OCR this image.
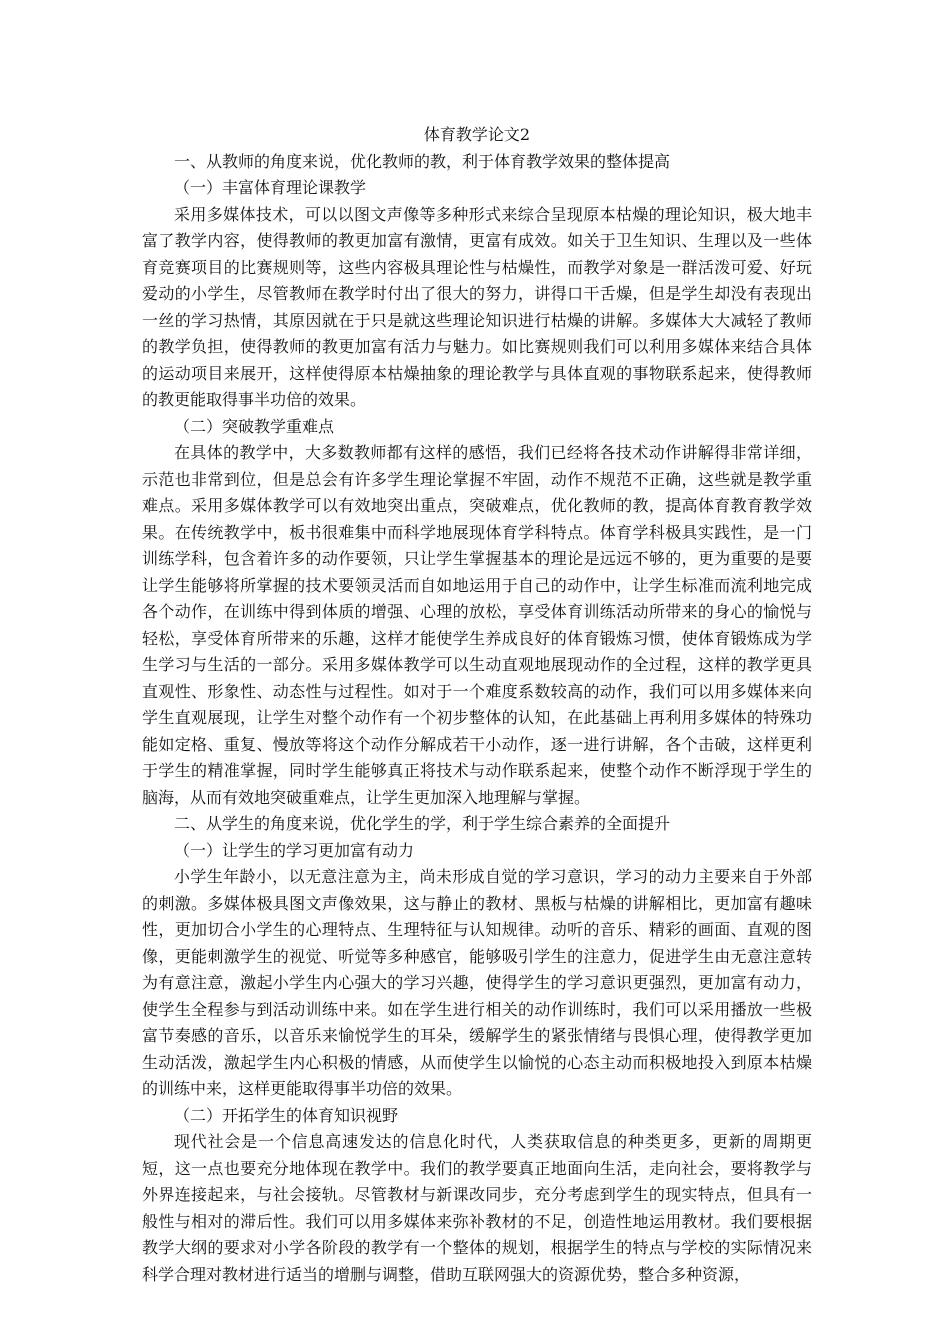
体育教学论文2

一、从教师的角度来说，优化教师的教，利于体育教学效果的整体提高

（一）丰富体育理论课教学

采用多媒体技术，可以以图文声像等多种形式来综合呈现原本枯燥的理论知识，极大地丰富了教学内容，使得教师的教更加富有激情，更富有成效。如关于卫生知识、生理以及一些体育竞赛项目的比赛规则等，这些内容极具理论性与枯燥性，而教学对象是一群活泼可爱、好玩爱动的小学生，尽管教师在教学时付出了很大的努力，讲得口干舌燥，但是学生却没有表现出一丝的学习热情，其原因就在于只是就这些理论知识进行枯燥的讲解。多媒体大大减轻了教师的教学负担，使得教师的教更加富有活力与魅力。如比赛规则我们可以利用多媒体来结合具体的运动项目来展开，这样使得原本枯燥抽象的理论教学与具体直观的事物联系起来，使得教师的教更能取得事半功倍的效果。

（二）突破教学重难点

在具体的教学中，大多数教师都有这样的感悟，我们已经将各技术动作讲解得非常详细，示范也非常到位，但是总会有许多学生理论掌握不牢固，动作不规范不正确，这些就是教学重难点。采用多媒体教学可以有效地突出重点，突破难点，优化教师的教，提高体育教育教学效果。在传统教学中，板书很难集中而科学地展现体育学科特点。体育学科极具实践性，是一门训练学科，包含着许多的动作要领，只让学生掌握基本的理论是远远不够的，更为重要的是要让学生能够将所掌握的技术要领灵活而自如地运用于自己的动作中，让学生标准而流利地完成各个动作，在训练中得到体质的增强、心理的放松，享受体育训练活动所带来的身心的愉悦与轻松，享受体育所带来的乐趣，这样才能使学生养成良好的体育锻炼习惯，使体育锻炼成为学生学习与生活的一部分。采用多媒体教学可以生动直观地展现动作的全过程，这样的教学更具直观性、形象性、动态性与过程性。如对于一个难度系数较高的动作，我们可以用多媒体来向学生直观展现，让学生对整个动作有一个初步整体的认知，在此基础上再利用多媒体的特殊功能如定格、重复、慢放等将这个动作分解成若干小动作，逐一进行讲解，各个击破，这样更利于学生的精准掌握，同时学生能够真正将技术与动作联系起来，使整个动作不断浮现于学生的脑海，从而有效地突破重难点，让学生更加深入地理解与掌握。

二、从学生的角度来说，优化学生的学，利于学生综合素养的全面提升

（一）让学生的学习更加富有动力

小学生年龄小，以无意注意为主，尚未形成自觉的学习意识，学习的动力主要来自于外部的刺激。多媒体极具图文声像效果，这与静止的教材、黑板与枯燥的讲解相比，更加富有趣味性，更加切合小学生的心理特点、生理特征与认知规律。动听的音乐、精彩的画面、直观的图像，更能刺激学生的视觉、听觉等多种感官，能够吸引学生的注意力，促进学生由无意注意转为有意注意，激起小学生内心强大的学习兴趣，使得学生的学习意识更强烈，更加富有动力，使学生全程参与到活动训练中来。如在学生进行相关的动作训练时，我们可以采用播放一些极富节奏感的音乐，以音乐来愉悦学生的耳朵，缓解学生的紧张情绪与畏惧心理，使得教学更加生动活泼，激起学生内心积极的情感，从而使学生以愉悦的心态主动而积极地投入到原本枯燥的训练中来，这样更能取得事半功倍的效果。

（二）开拓学生的体育知识视野

现代社会是一个信息高速发达的信息化时代，人类获取信息的种类更多，更新的周期更短，这一点也要充分地体现在教学中。我们的教学要真正地面向生活，走向社会，要将教学与外界连接起来，与社会接轨。尽管教材与新课改同步，充分考虑到学生的现实特点，但具有一般性与相对的滞后性。我们可以用多媒体来弥补教材的不足，创造性地运用教材。我们要根据教学大纲的要求对小学各阶段的教学有一个整体的规划，根据学生的特点与学校的实际情况来科学合理对教材进行适当的增删与调整，借助互联网强大的资源优势，整合多种资源，
